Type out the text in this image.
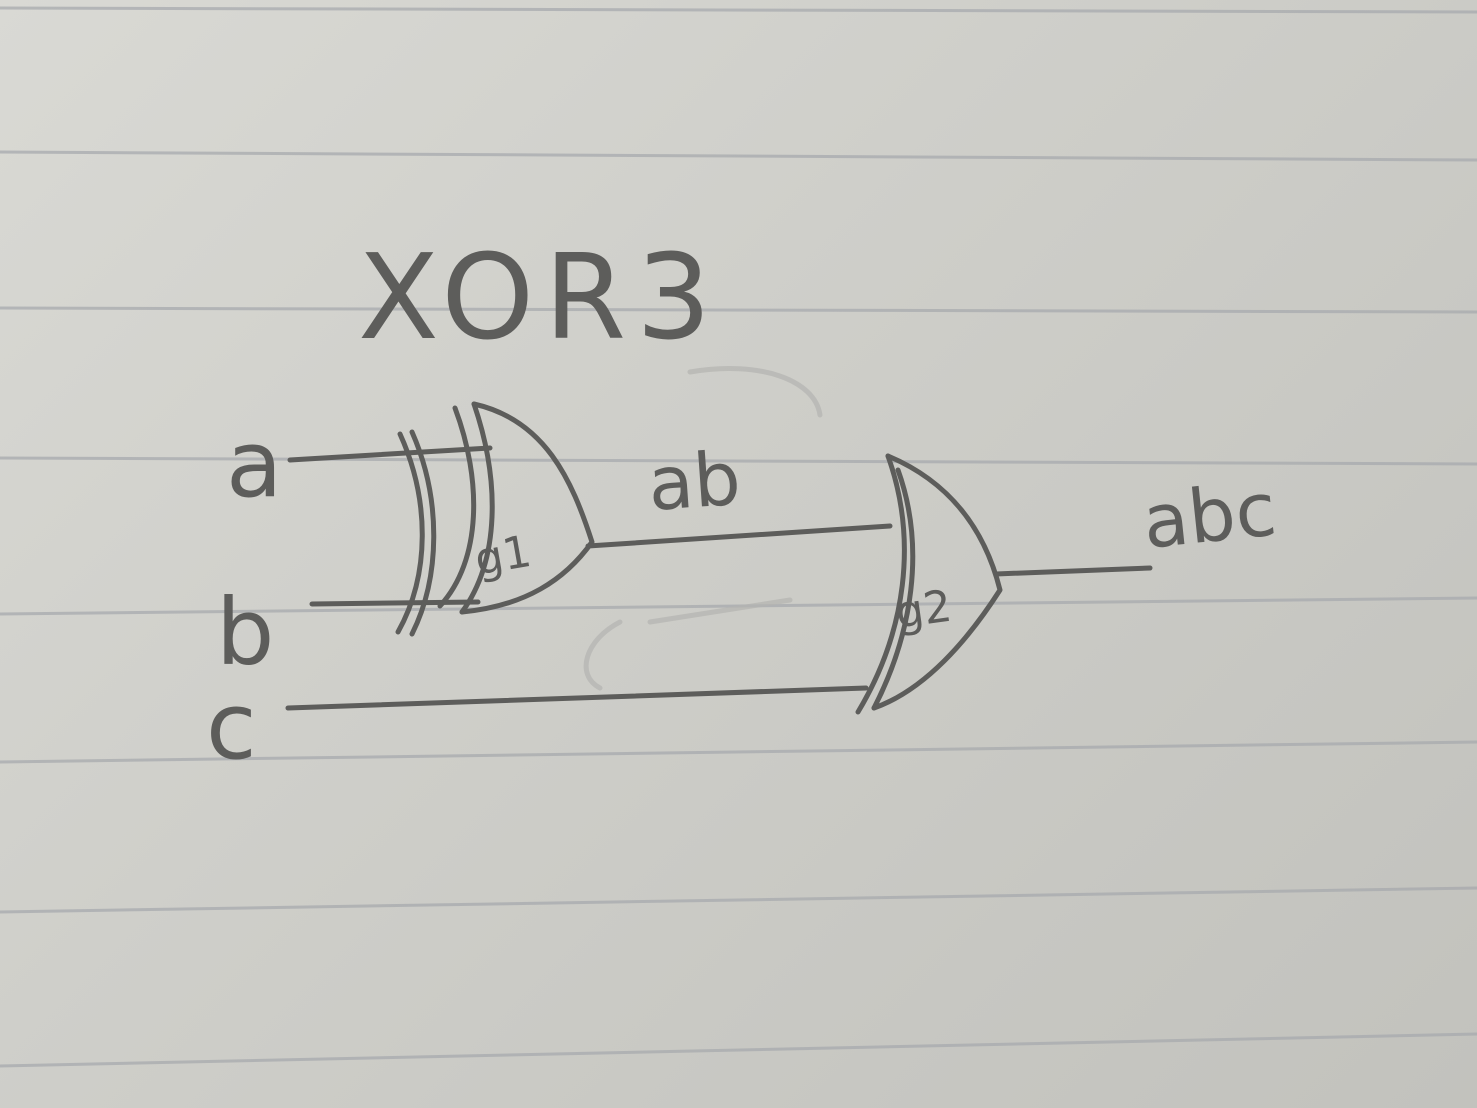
XOR3
a
b
c
g1
g2
ab	abc
